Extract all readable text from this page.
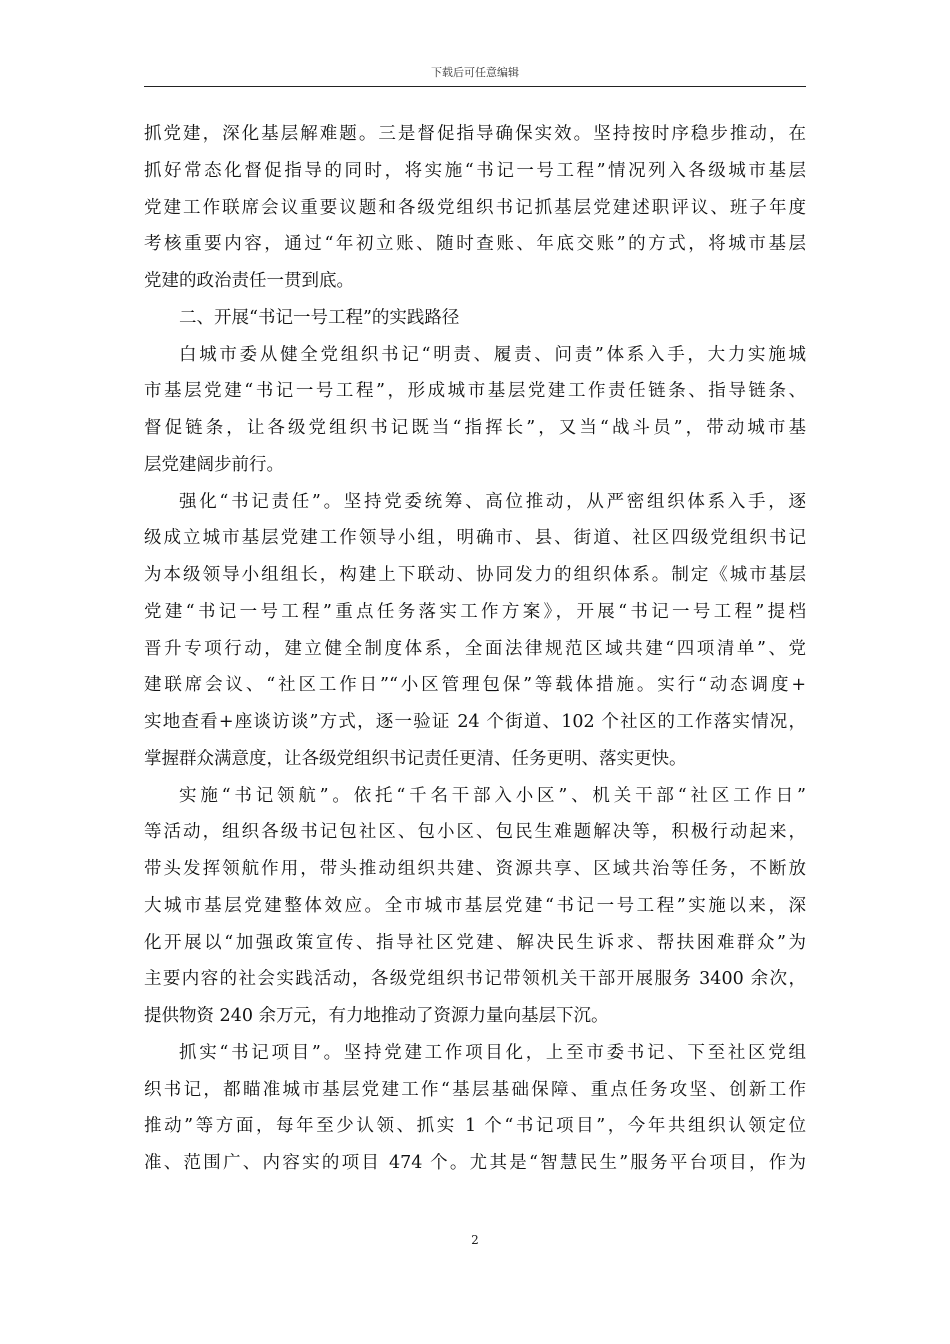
下载后可任意编辑
抓党建，深化基层解难题。三是督促指导确保实效。坚持按时序稳步推动，在
抓好常态化督促指导的同时，将实施“书记一号工程”情况列入各级城市基层
党建工作联席会议重要议题和各级党组织书记抓基层党建述职评议、班子年度
考核重要内容，通过“年初立账、随时查账、年底交账”的方式，将城市基层
党建的政治责任一贯到底。
二、开展“书记一号工程”的实践路径
白城市委从健全党组织书记“明责、履责、问责”体系入手，大力实施城
市基层党建“书记一号工程”，形成城市基层党建工作责任链条、指导链条、
督促链条，让各级党组织书记既当“指挥长”，又当“战斗员”，带动城市基
层党建阔步前行。
强化“书记责任”。坚持党委统筹、高位推动，从严密组织体系入手，逐
级成立城市基层党建工作领导小组，明确市、县、街道、社区四级党组织书记
为本级领导小组组长，构建上下联动、协同发力的组织体系。制定《城市基层
党建“书记一号工程”重点任务落实工作方案》，开展“书记一号工程”提档
晋升专项行动，建立健全制度体系，全面法律规范区域共建“四项清单”、党
建联席会议、“社区工作日”“小区管理包保”等载体措施。实行“动态调度+
实地查看+座谈访谈”方式，逐一验证 24 个街道、102 个社区的工作落实情况，
掌握群众满意度，让各级党组织书记责任更清、任务更明、落实更快。
实施“书记领航”。依托“千名干部入小区”、机关干部“社区工作日”
等活动，组织各级书记包社区、包小区、包民生难题解决等，积极行动起来，
带头发挥领航作用，带头推动组织共建、资源共享、区域共治等任务，不断放
大城市基层党建整体效应。全市城市基层党建“书记一号工程”实施以来，深
化开展以“加强政策宣传、指导社区党建、解决民生诉求、帮扶困难群众”为
主要内容的社会实践活动，各级党组织书记带领机关干部开展服务 3400 余次，
提供物资 240 余万元，有力地推动了资源力量向基层下沉。
抓实“书记项目”。坚持党建工作项目化，上至市委书记、下至社区党组
织书记，都瞄准城市基层党建工作“基层基础保障、重点任务攻坚、创新工作
推动”等方面，每年至少认领、抓实 1 个“书记项目”，今年共组织认领定位
准、范围广、内容实的项目 474 个。尤其是“智慧民生”服务平台项目，作为
2
